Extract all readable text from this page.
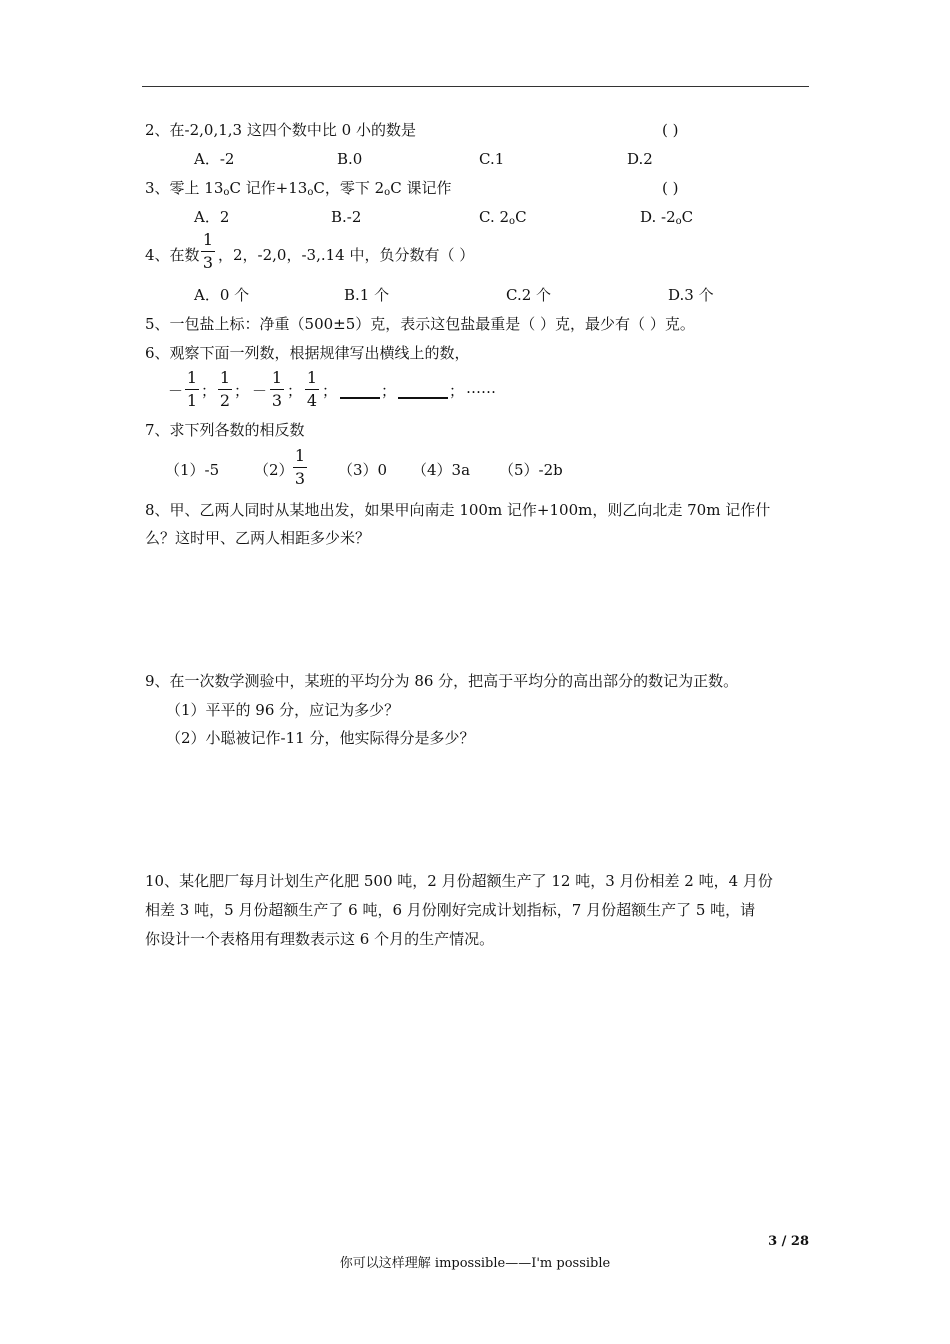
2、在-2,0,1,3 这四个数中比 0 小的数是	( )
A．-2	B.0	C.1	D.2
3、零上 $13_oC$ 记作$+13_oC$，零下 $2_oC$ 课记作	( )
A．2	B.-2	C. $2_oC$	D. $-2_oC$
4、在数
1
3 ，2，-2,0，-3,.14 中，负分数有（ ）
A．0 个	B.1 个	C.2 个	D.3 个
5、一包盐上标：净重（500±5）克，表示这包盐最重是（ ）克，最少有（ ）克。
6、观察下面一列数，根据规律写出横线上的数，
－
1
1 ；
1
2 ； －
1
3 ；
1
4 ；	；	； ……
7、求下列各数的相反数
（1）-5 （2）
1
3 （3）0 （4）3a （5）-2b
8、甲、乙两人同时从某地出发，如果甲向南走 100m 记作+100m，则乙向北走 70m 记作什
么？这时甲、乙两人相距多少米？
9、在一次数学测验中，某班的平均分为 86 分，把高于平均分的高出部分的数记为正数。
（1）平平的 96 分，应记为多少？
（2）小聪被记作-11 分，他实际得分是多少？
10、某化肥厂每月计划生产化肥 500 吨，2 月份超额生产了 12 吨，3 月份相差 2 吨，4 月份
相差 3 吨，5 月份超额生产了 6 吨，6 月份刚好完成计划指标，7 月份超额生产了 5 吨，请
你设计一个表格用有理数表示这 6 个月的生产情况。
3 / 28
你可以这样理解 impossible——I'm possible
